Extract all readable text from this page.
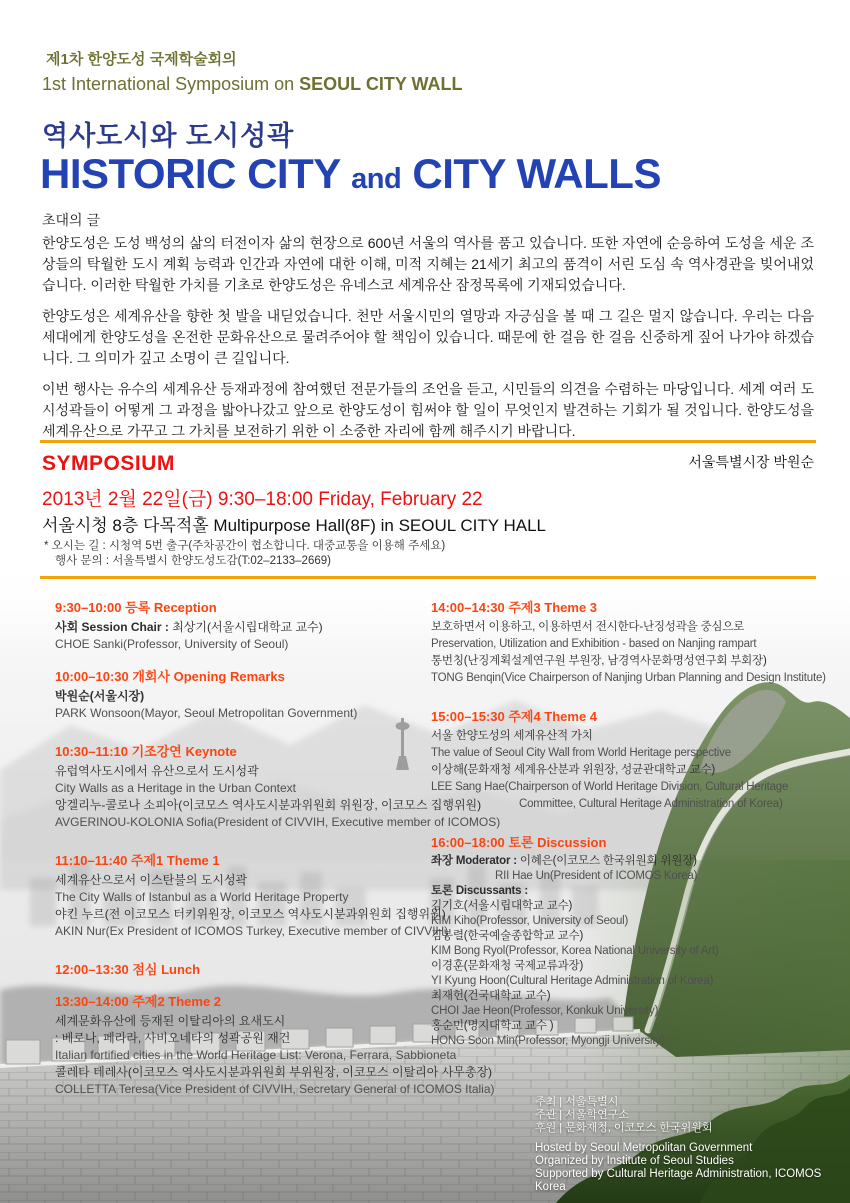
제1차 한양도성 국제학술회의
1st International Symposium on SEOUL CITY WALL
역사도시와 도시성곽
HISTORIC CITY and CITY WALLS
초대의 글

한양도성은 도성 백성의 삶의 터전이자 삶의 현장으로 600년 서울의 역사를 품고 있습니다. 또한 자연에 순응하여 도성을 세운 조상들의 탁월한 도시 계획 능력과 인간과 자연에 대한 이해, 미적 지혜는 21세기 최고의 품격이 서린 도심 속 역사경관을 빚어내었습니다. 이러한 탁월한 가치를 기초로 한양도성은 유네스코 세계유산 잠정목록에 기재되었습니다.

한양도성은 세계유산을 향한 첫 발을 내딛었습니다. 천만 서울시민의 열망과 자긍심을 볼 때 그 길은 멀지 않습니다. 우리는 다음 세대에게 한양도성을 온전한 문화유산으로 물려주어야 할 책임이 있습니다. 때문에 한 걸음 한 걸음 신중하게 짚어 나가야 하겠습니다. 그 의미가 깊고 소명이 큰 길입니다.

이번 행사는 유수의 세계유산 등재과정에 참여했던 전문가들의 조언을 듣고, 시민들의 의견을 수렴하는 마당입니다. 세계 여러 도시성곽들이 어떻게 그 과정을 밟아나갔고 앞으로 한양도성이 힘써야 할 일이 무엇인지 발견하는 기회가 될 것입니다. 한양도성을 세계유산으로 가꾸고 그 가치를 보전하기 위한 이 소중한 자리에 함께 해주시기 바랍니다.

서울특별시장 박원순
SYMPOSIUM
2013년 2월 22일(금) 9:30–18:00 Friday, February 22
서울시청 8층 다목적홀 Multipurpose Hall(8F) in SEOUL CITY HALL
* 오시는 길 : 시청역 5번 출구(주차공간이 협소합니다. 대중교통을 이용해 주세요)
행사 문의 : 서울특별시 한양도성도감(T:02–2133–2669)
9:30–10:00 등록 Reception
사회 Session Chair : 최상기(서울시립대학교 교수)
CHOE Sanki(Professor, University of Seoul)
10:00–10:30 개회사 Opening Remarks
박원순(서울시장)
PARK Wonsoon(Mayor, Seoul Metropolitan Government)
10:30–11:10 기조강연 Keynote
유럽역사도시에서 유산으로서 도시성곽
City Walls as a Heritage in the Urban Context
앙겔리누-콜로나 소피아(이코모스 역사도시분과위원회 위원장, 이코모스 집행위원)
AVGERINOU-KOLONIA Sofia(President of CIVVIH, Executive member of ICOMOS)
11:10–11:40 주제1 Theme 1
세계유산으로서 이스탄불의 도시성곽
The City Walls of Istanbul as a World Heritage Property
야킨 누르(전 이코모스 터키위원장, 이코모스 역사도시분과위원회 집행위원)
AKIN Nur(Ex President of ICOMOS Turkey, Executive member of CIVVIH)
12:00–13:30 점심 Lunch
13:30–14:00 주제2 Theme 2
세계문화유산에 등재된 이탈리아의 요새도시
: 베로나, 페라라, 사비오네타의 성곽공원 재건
Italian fortified cities in the World Heritage List: Verona, Ferrara, Sabbioneta
콜레타 테레사(이코모스 역사도시분과위원회 부위원장, 이코모스 이탈리아 사무총장)
COLLETTA Teresa(Vice President of CIVVIH, Secretary General of ICOMOS Italia)
14:00–14:30 주제3 Theme 3
보호하면서 이용하고, 이용하면서 전시한다-난징성곽을 중심으로
Preservation, Utilization and Exhibition - based on Nanjing rampart
통번칭(난징계획설계연구원 부원장, 남경역사문화명성연구회 부회장)
TONG Benqin(Vice Chairperson of Nanjing Urban Planning and Design Institute)
15:00–15:30 주제4 Theme 4
서울 한양도성의 세계유산적 가치
The value of Seoul City Wall from World Heritage perspective
이상해(문화재청 세계유산분과 위원장, 성균관대학교 교수)
LEE Sang Hae(Chairperson of World Heritage Division, Cultural Heritage
Committee, Cultural Heritage Administration of Korea)
16:00–18:00 토론 Discussion
좌장 Moderator : 이혜은(이코모스 한국위원회 위원장)
RII Hae Un(President of ICOMOS Korea)
토론 Discussants :
김기호(서울시립대학교 교수)
KIM Kiho(Professor, University of Seoul)
김봉렬(한국예술종합학교 교수)
KIM Bong Ryol(Professor, Korea National University of Art)
이경훈(문화재청 국제교류과장)
YI Kyung Hoon(Cultural Heritage Administration of Korea)
최재헌(건국대학교 교수)
CHOI Jae Heon(Professor, Konkuk University)
홍순민(명지대학교 교수 )
HONG Soon Min(Professor, Myongji University)
주최 | 서울특별시
주관 | 서울학연구소
후원 | 문화재청, 이코모스 한국위원회
Hosted by Seoul Metropolitan Government
Organized by Institute of Seoul Studies
Supported by Cultural Heritage Administration, ICOMOS Korea
